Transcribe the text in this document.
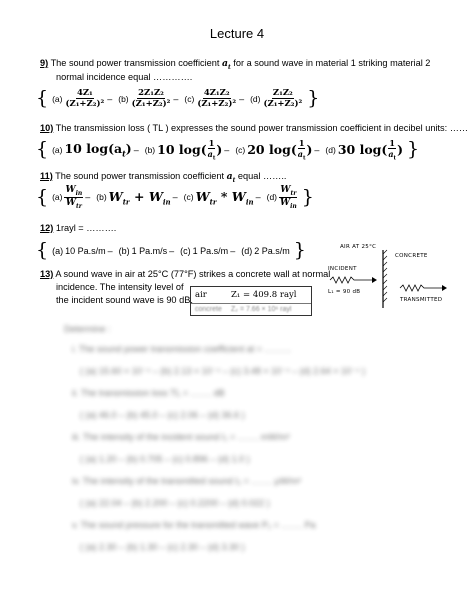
Lecture 4
9) The sound power transmission coefficient $a_t$ for a sound wave in material 1 striking material 2
normal incidence equal ………….
{ $(a) \frac{\text{4Z₁}}{\text{(Z₁+Z₂)²}} - (b) \frac{\text{2Z₁Z₂}}{\text{(Z₁+Z₂)²}} - (c) \frac{\text{4Z₁Z₂}}{\text{(Z₁+Z₂)²}} - (d) \frac{\text{Z₁Z₂}}{\text{(Z₁+Z₂)²}}$ }
10) The transmission loss ( TL ) expresses the sound power transmission coefficient in decibel units: ……
{ (a) 10 $\log(a_t) - (b)$ 10 $\log( \frac{1}{a_t}$ ) – (c) 20 $\log( \frac{1}{a_t}$ ) – (d) 30 $\log( \frac{1}{a_t}$ ) }
11) The sound power transmission coefficient $a_t$ equal ……..
{ $(a) \frac{W_{in}}{W_{tr}} - (b) W_{tr} + W_{in} - (c)$ $W_{tr} * W_{in} - (d) \frac{W_{tr}}{W_{in}}$ }
12) 1rayl = ……….
{ (a) 10 Pa.s/m – (b) 1 Pa.m/s – (c) 1 Pa.s/m – (d) 2 Pa.s/m }
13) A sound wave in air at 25°C (77°F) strikes a concrete wall at normal
incidence. The intensity level of
the incident sound wave is 90 dB. air	Z₁ = 409.8 rayl
concrete Z₂ = 7.66 × 10⁶ rayl
AIR AT 25°C
CONCRETE
INCIDENT
L₁ = 90 dB
TRANSMITTED
Determine :
i. The sound power transmission coefficient at = ………
( (a) 15.60 × 10⁻⁴ – (b) 2.13 × 10⁻⁴ – (c) 3.48 × 10⁻⁴ – (d) 2.64 × 10⁻⁴ )
ii. The transmission loss TL = ……. dB
( (a) 46.0 – (b) 45.0 – (c) 2.06 – (d) 36.6 )
iii. The intensity of the incident sound I₁ = ……. mW/m²
( (a) 1.20 – (b) 0.705 – (c) 0.896 – (d) 1.0 )
iv. The intensity of the transmitted sound I₂ = ……. μW/m²
( (a) 22.04 – (b) 2.200 – (c) 0.2200 – (d) 0.022 )
v. The sound pressure for the transmitted wave P₂ = ……. Pa
( (a) 2.30 – (b) 1.30 – (c) 2.30 – (d) 3.30 )
